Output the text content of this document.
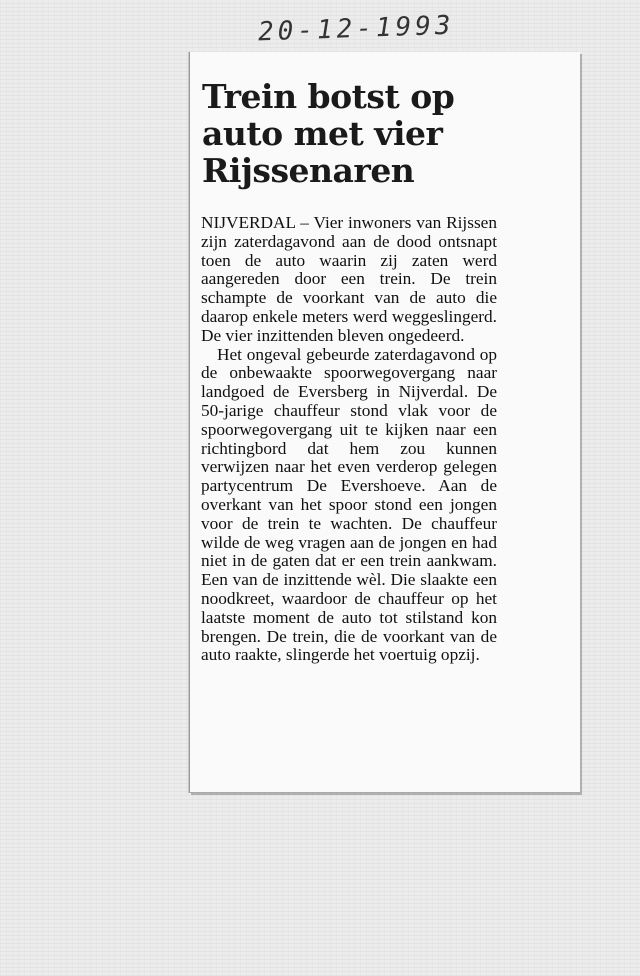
20-12-1993
Trein botst op auto met vier Rijssenaren

NIJVERDAL – Vier inwoners van Rijssen zijn zaterdagavond aan de dood ontsnapt toen de auto waarin zij zaten werd aangereden door een trein. De trein schampte de voorkant van de auto die daarop enkele meters werd weggeslingerd. De vier inzittenden bleven ongedeerd.

Het ongeval gebeurde zaterdagavond op de onbewaakte spoorwegovergang naar landgoed de Eversberg in Nijverdal. De 50-jarige chauffeur stond vlak voor de spoorwegovergang uit te kijken naar een richtingbord dat hem zou kunnen verwijzen naar het even verderop gelegen partycentrum De Evershoeve. Aan de overkant van het spoor stond een jongen voor de trein te wachten. De chauffeur wilde de weg vragen aan de jongen en had niet in de gaten dat er een trein aankwam. Een van de inzittende wèl. Die slaakte een noodkreet, waardoor de chauffeur op het laatste moment de auto tot stilstand kon brengen. De trein, die de voorkant van de auto raakte, slingerde het voertuig opzij.
